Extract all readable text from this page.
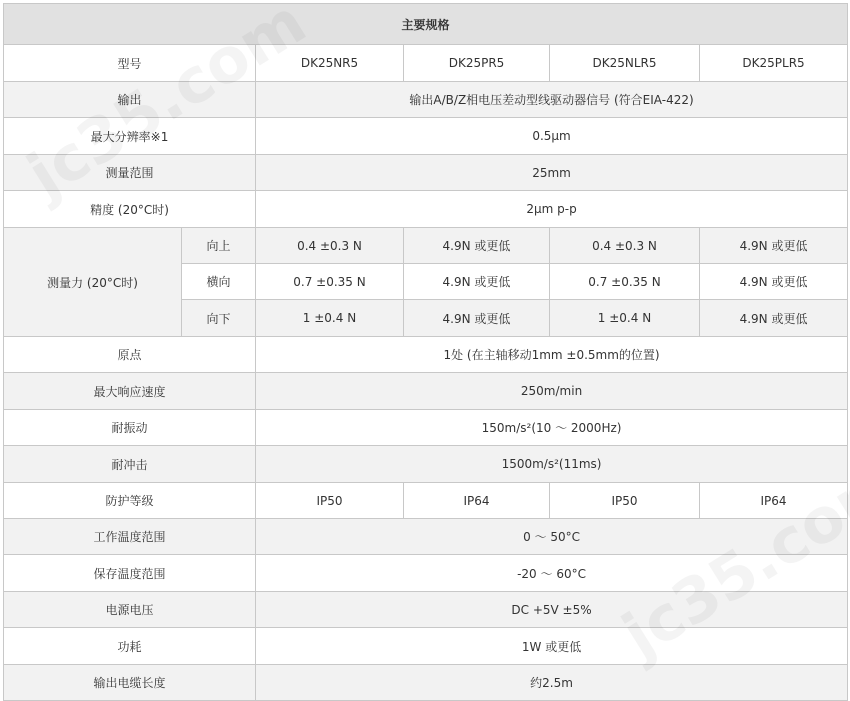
主要规格					
型号		DK25NR5	DK25PR5	DK25NLR5	DK25PLR5
输出		输出A/B/Z相电压差动型线驱动器信号 (符合EIA-422)			
最大分辨率※1		0.5μm			
测量范围		25mm			
精度 (20°C时)		2μm p-p			
测量力 (20°C时)	向上	0.4 ±0.3 N	4.9N 或更低	0.4 ±0.3 N	4.9N 或更低
	横向	0.7 ±0.35 N	4.9N 或更低	0.7 ±0.35 N	4.9N 或更低
	向下	1 ±0.4 N	4.9N 或更低	1 ±0.4 N	4.9N 或更低
原点		1处 (在主轴移动1mm ±0.5mm的位置)			
最大响应速度		250m/min			
耐振动		150m/s²(10 ～ 2000Hz)			
耐冲击		1500m/s²(11ms)			
防护等级		IP50	IP64	IP50	IP64
工作温度范围		0 ～ 50°C			
保存温度范围		-20 ～ 60°C			
电源电压		DC +5V ±5%			
功耗		1W 或更低			
输出电缆长度		约2.5m			
